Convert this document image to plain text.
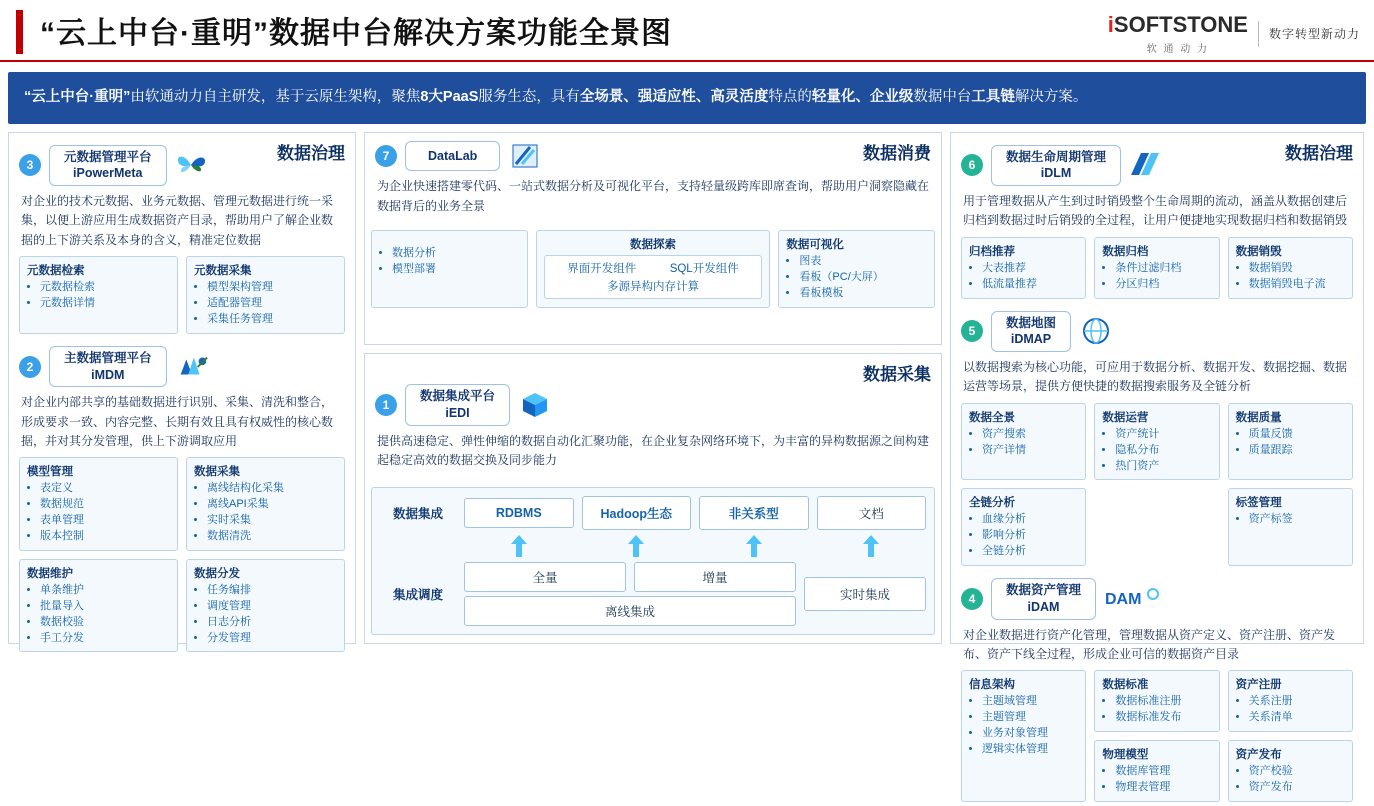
“云上中台·重明”数据中台解决方案功能全景图	iSOFTSTONE
软 通 动 力
数字转型新动力
“云上中台·重明”由软通动力自主研发，基于云原生架构，聚焦8大PaaS服务生态，具有全场景、强适应性、高灵活度特点的轻量化、企业级数据中台工具链解决方案。
数据治理
3
元数据管理平台
iPowerMeta
对企业的技术元数据、业务元数据、管理元数据进行统一采集，以便上游应用生成数据资产目录，帮助用户了解企业数据的上下游关系及本身的含义，精准定位数据
元数据检索
• 元数据检索
• 元数据详情
元数据采集
• 模型架构管理
• 适配器管理
• 采集任务管理
2
主数据管理平台
iMDM
对企业内部共享的基础数据进行识别、采集、清洗和整合，形成要求一致、内容完整、长期有效且具有权威性的核心数据，并对其分发管理，供上下游调取应用
模型管理
• 表定义
• 数据规范
• 表单管理
• 版本控制
数据采集
• 离线结构化采集
• 离线API采集
• 实时采集
• 数据清洗
数据维护
• 单条维护
• 批量导入
• 数据校验
• 手工分发
数据分发
• 任务编排
• 调度管理
• 日志分析
• 分发管理
数据消费
7	DataLab
为企业快速搭建零代码、一站式数据分析及可视化平台，支持轻量级跨库即席查询，帮助用户洞察隐藏在数据背后的业务全景
• 数据分析
• 模型部署
数据探索
界面开发组件	SQL开发组件
多源异构内存计算
数据可视化
• 图表
• 看板（PC/大屏）
• 看板模板
数据采集
1
数据集成平台
iEDI
提供高速稳定、弹性伸缩的数据自动化汇聚功能，在企业复杂网络环境下，为丰富的异构数据源之间构建起稳定高效的数据交换及同步能力
数据集成	RDBMS	Hadoop生态	非关系型	文档
集成调度
全量	增量
离线集成
实时集成
数据治理
6
数据生命周期管理
iDLM
用于管理数据从产生到过时销毁整个生命周期的流动，涵盖从数据创建后归档到数据过时后销毁的全过程，让用户便捷地实现数据归档和数据销毁
归档推荐
• 大表推荐
• 低流量推荐
数据归档
• 条件过滤归档
• 分区归档
数据销毁
• 数据销毁
• 数据销毁电子流
5
数据地图
iDMAP
以数据搜索为核心功能，可应用于数据分析、数据开发、数据挖掘、数据运营等场景，提供方便快捷的数据搜索服务及全链分析
数据全景
• 资产搜索
• 资产详情
数据运营
• 资产统计
• 隐私分布
• 热门资产
数据质量
• 质量反馈
• 质量跟踪
全链分析
• 血缘分析
• 影响分析
• 全链分析
标签管理
• 资产标签
4
数据资产管理
iDAM	DAM
对企业数据进行资产化管理，管理数据从资产定义、资产注册、资产发布、资产下线全过程，形成企业可信的数据资产目录
信息架构
• 主题域管理
• 主题管理
• 业务对象管理
• 逻辑实体管理
数据标准
• 数据标准注册
• 数据标准发布
资产注册
• 关系注册
• 关系清单
物理模型
• 数据库管理
• 物理表管理
资产发布
• 资产校验
• 资产发布
